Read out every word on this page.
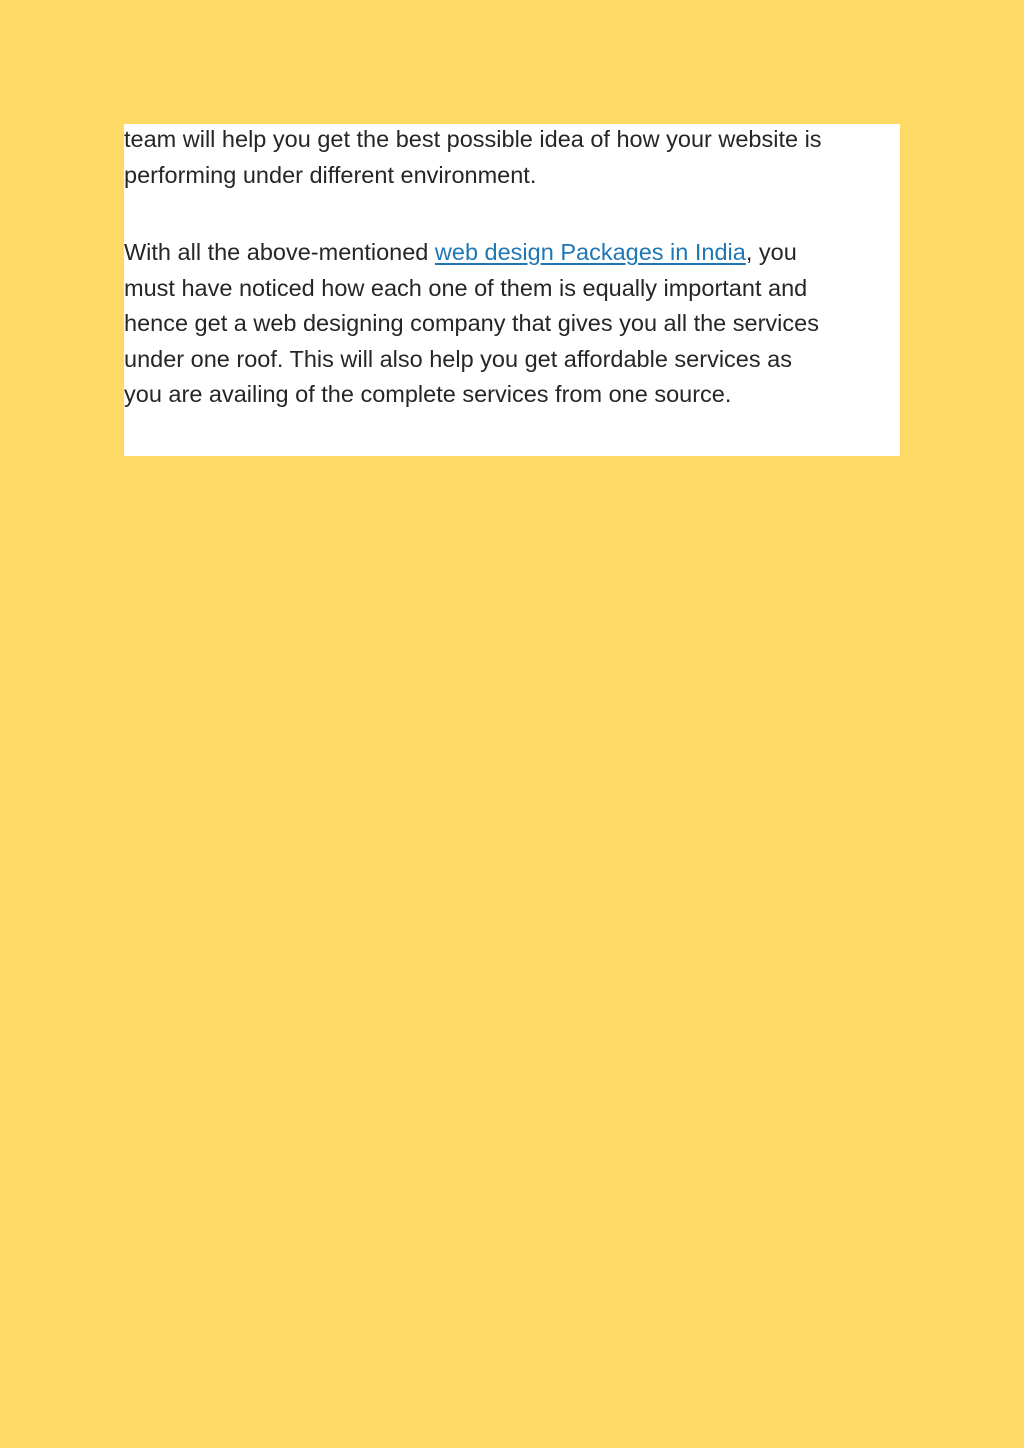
team will help you get the best possible idea of how your website is
performing under different environment.

With all the above-mentioned web design Packages in India, you
must have noticed how each one of them is equally important and
hence get a web designing company that gives you all the services
under one roof. This will also help you get affordable services as
you are availing of the complete services from one source.
